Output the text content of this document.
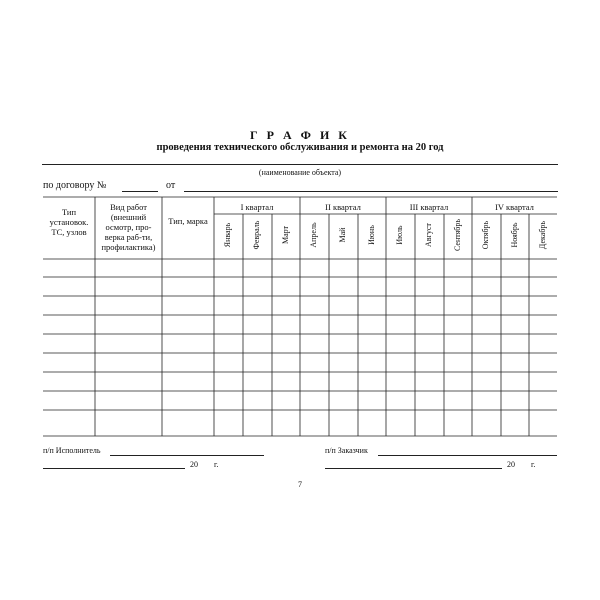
Г Р А Ф И К
проведения технического обслуживания и ремонта на 20 год
(наименование объекта)
по договору №	от
Тип установок. ТС, узлов
Вид работ (внешний осмотр, про-верка раб-ти, профилактика)
Тип, марка
I квартал	II квартал	III квартал	IV квартал
Январь	Февраль	Март Апрель	Май	Июнь Июль	Август	Сентябрь Октябрь	Ноябрь Декабрь
п/п Исполнитель
20 г.
п/п Заказчик
20 г.
7
